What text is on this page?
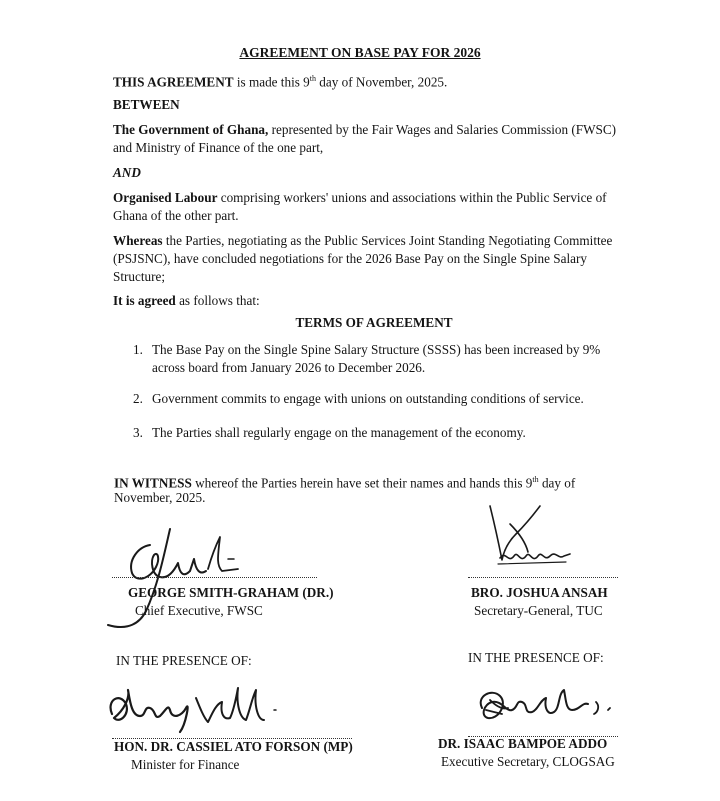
AGREEMENT ON BASE PAY FOR 2026
THIS AGREEMENT is made this 9th day of November, 2025.
BETWEEN
The Government of Ghana, represented by the Fair Wages and Salaries Commission (FWSC)
and Ministry of Finance of the one part,
AND
Organised Labour comprising workers' unions and associations within the Public Service of
Ghana of the other part.
Whereas the Parties, negotiating as the Public Services Joint Standing Negotiating Committee
(PSJSNC), have concluded negotiations for the 2026 Base Pay on the Single Spine Salary
Structure;
It is agreed as follows that:
TERMS OF AGREEMENT
1. The Base Pay on the Single Spine Salary Structure (SSSS) has been increased by 9%
across board from January 2026 to December 2026.
2. Government commits to engage with unions on outstanding conditions of service.
3. The Parties shall regularly engage on the management of the economy.
IN WITNESS whereof the Parties herein have set their names and hands this 9th day of
November, 2025.
GEORGE SMITH-GRAHAM (DR.)
Chief Executive, FWSC
BRO. JOSHUA ANSAH
Secretary-General, TUC
IN THE PRESENCE OF:	IN THE PRESENCE OF:
HON. DR. CASSIEL ATO FORSON (MP)
Minister for Finance
DR. ISAAC BAMPOE ADDO
Executive Secretary, CLOGSAG
